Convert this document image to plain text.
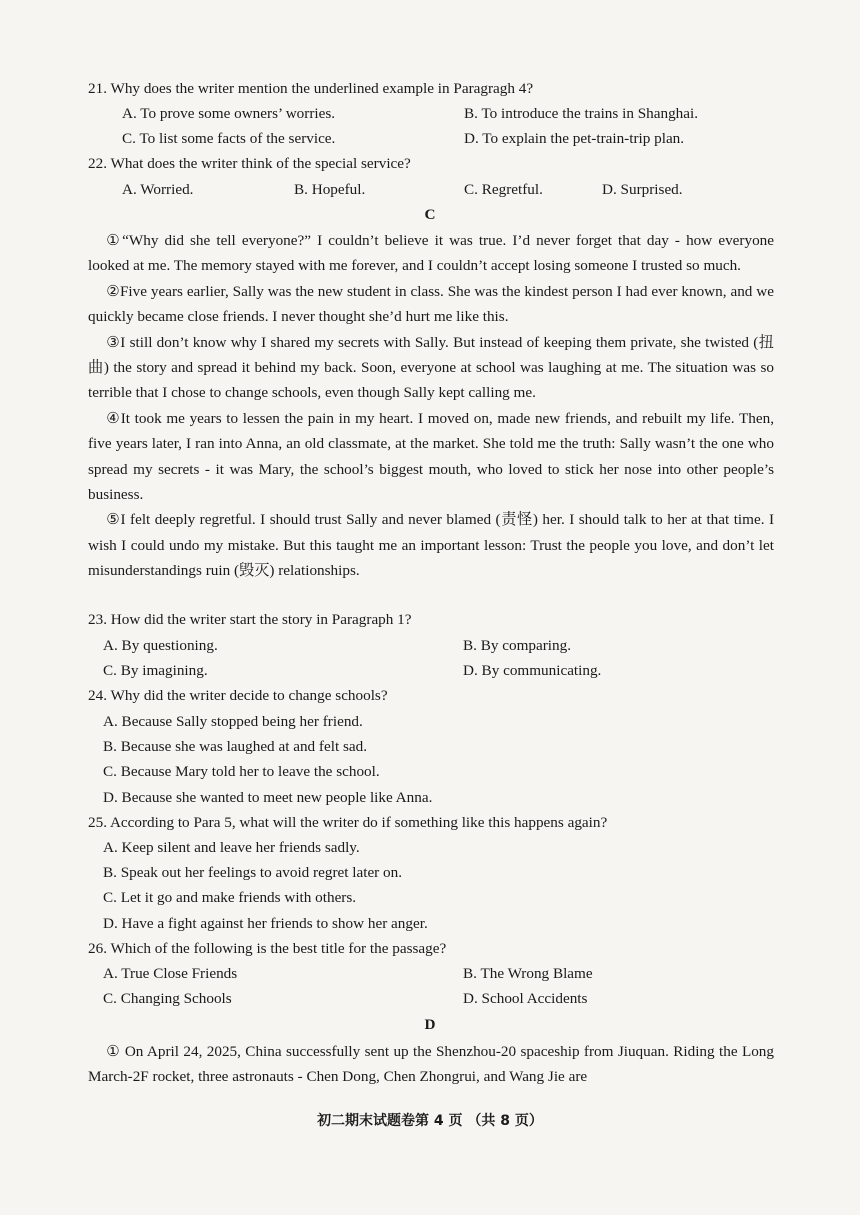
21. Why does the writer mention the underlined example in Paragragh 4?
A. To prove some owners’ worries.	B. To introduce the trains in Shanghai.
C. To list some facts of the service.	D. To explain the pet-train-trip plan.
22. What does the writer think of the special service?
A. Worried.	B. Hopeful.	C. Regretful.	D. Surprised.
C

①“Why did she tell everyone?” I couldn’t believe it was true. I’d never forget that day - how everyone looked at me. The memory stayed with me forever, and I couldn’t accept losing someone I trusted so much.

②Five years earlier, Sally was the new student in class. She was the kindest person I had ever known, and we quickly became close friends. I never thought she’d hurt me like this.

③I still don’t know why I shared my secrets with Sally. But instead of keeping them private, she twisted (扭曲) the story and spread it behind my back. Soon, everyone at school was laughing at me. The situation was so terrible that I chose to change schools, even though Sally kept calling me.

④It took me years to lessen the pain in my heart. I moved on, made new friends, and rebuilt my life. Then, five years later, I ran into Anna, an old classmate, at the market. She told me the truth: Sally wasn’t the one who spread my secrets - it was Mary, the school’s biggest mouth, who loved to stick her nose into other people’s business.

⑤I felt deeply regretful. I should trust Sally and never blamed (责怪) her. I should talk to her at that time. I wish I could undo my mistake. But this taught me an important lesson: Trust the people you love, and don’t let misunderstandings ruin (毁灭) relationships.

23. How did the writer start the story in Paragraph 1?
A. By questioning.	B. By comparing.
C. By imagining.	D. By communicating.
24. Why did the writer decide to change schools?
A. Because Sally stopped being her friend.
B. Because she was laughed at and felt sad.
C. Because Mary told her to leave the school.
D. Because she wanted to meet new people like Anna.
25. According to Para 5, what will the writer do if something like this happens again?
A. Keep silent and leave her friends sadly.
B. Speak out her feelings to avoid regret later on.
C. Let it go and make friends with others.
D. Have a fight against her friends to show her anger.
26. Which of the following is the best title for the passage?
A. True Close Friends	B. The Wrong Blame
C. Changing Schools	D. School Accidents
D

① On April 24, 2025, China successfully sent up the Shenzhou-20 spaceship from Jiuquan. Riding the Long March-2F rocket, three astronauts - Chen Dong, Chen Zhongrui, and Wang Jie are

初二期末试题卷第 4 页 （共 8 页）
